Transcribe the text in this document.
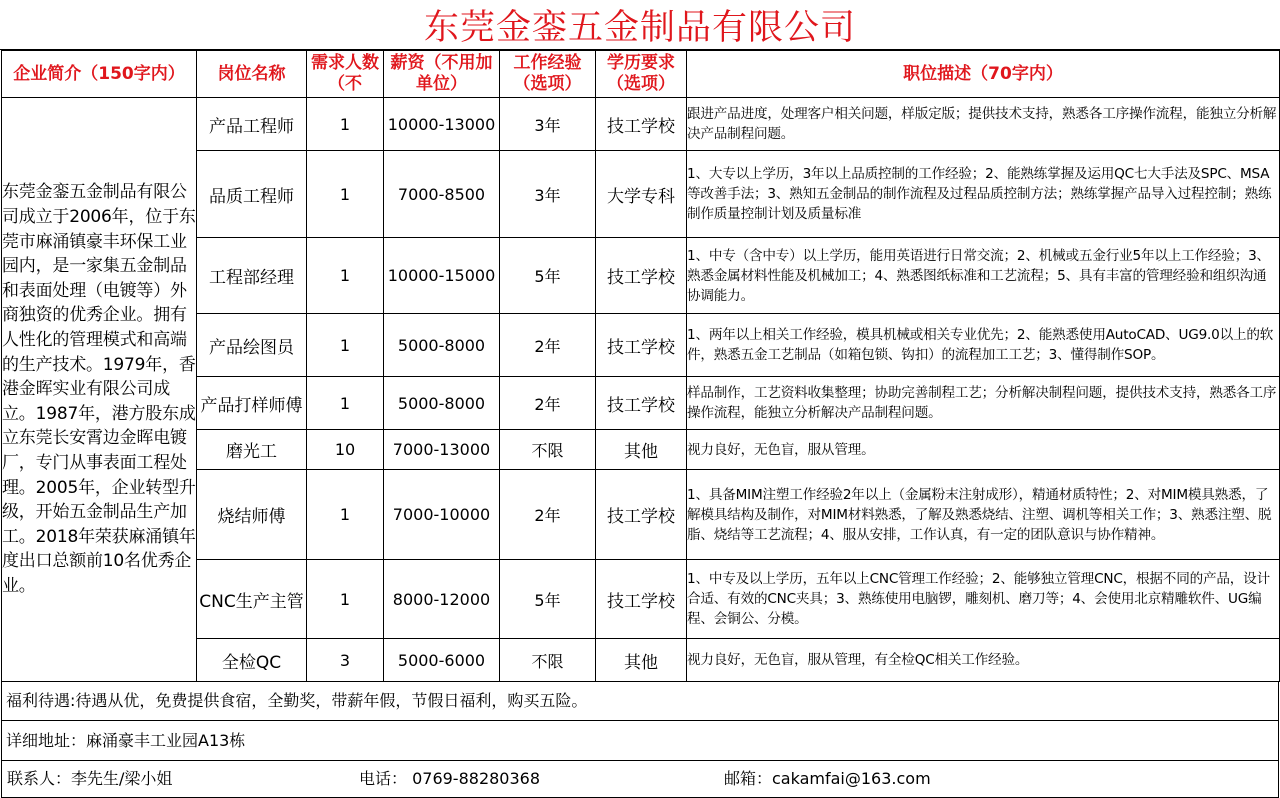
东莞金銮五金制品有限公司
企业简介（150字内）	岗位名称	需求人数（不	薪资（不用加单位）	工作经验（选项）	学历要求（选项）	职位描述（70字内）
东莞金銮五金制品有限公司成立于2006年，位于东莞市麻涌镇豪丰环保工业园内，是一家集五金制品和表面处理（电镀等）外商独资的优秀企业。拥有人性化的管理模式和高端的生产技术。1979年，香港金晖实业有限公司成立。1987年，港方股东成立东莞长安霄边金晖电镀厂，专门从事表面工程处理。2005年，企业转型升级，开始五金制品生产加工。2018年荣获麻涌镇年度出口总额前10名优秀企业。	产品工程师	1	10000-13000	3年	技工学校	跟进产品进度，处理客户相关问题，样版定版；提供技术支持，熟悉各工序操作流程，能独立分析解决产品制程问题。
	品质工程师	1	7000-8500	3年	大学专科	1、大专以上学历，3年以上品质控制的工作经验；2、能熟练掌握及运用QC七大手法及SPC、MSA等改善手法；3、熟知五金制品的制作流程及过程品质控制方法；熟练掌握产品导入过程控制；熟练制作质量控制计划及质量标准
	工程部经理	1	10000-15000	5年	技工学校	1、中专（含中专）以上学历，能用英语进行日常交流；2、机械或五金行业5年以上工作经验；3、熟悉金属材料性能及机械加工；4、熟悉图纸标准和工艺流程；5、具有丰富的管理经验和组织沟通协调能力。
	产品绘图员	1	5000-8000	2年	技工学校	1、两年以上相关工作经验，模具机械或相关专业优先；2、能熟悉使用AutoCAD、UG9.0以上的软件，熟悉五金工艺制品（如箱包锁、钩扣）的流程加工工艺；3、懂得制作SOP。
	产品打样师傅	1	5000-8000	2年	技工学校	样品制作，工艺资料收集整理；协助完善制程工艺；分析解决制程问题，提供技术支持，熟悉各工序操作流程，能独立分析解决产品制程问题。
	磨光工	10	7000-13000	不限	其他	视力良好，无色盲，服从管理。
	烧结师傅	1	7000-10000	2年	技工学校	1、具备MIM注塑工作经验2年以上（金属粉末注射成形），精通材质特性；2、对MIM模具熟悉，了解模具结构及制作，对MIM材料熟悉，了解及熟悉烧结、注塑、调机等相关工作；3、熟悉注塑、脱脂、烧结等工艺流程；4、服从安排，工作认真，有一定的团队意识与协作精神。
	CNC生产主管	1	8000-12000	5年	技工学校	1、中专及以上学历，五年以上CNC管理工作经验；2、能够独立管理CNC，根据不同的产品，设计合适、有效的CNC夹具；3、熟练使用电脑锣，雕刻机、磨刀等；4、会使用北京精雕软件、UG编程、会铜公、分模。
	全检QC	3	5000-6000	不限	其他	视力良好，无色盲，服从管理，有全检QC相关工作经验。
福利待遇:待遇从优，免费提供食宿，全勤奖，带薪年假，节假日福利，购买五险。
详细地址：麻涌豪丰工业园A13栋
联系人：李先生/梁小姐	电话： 0769-88280368	邮箱：cakamfai@163.com
